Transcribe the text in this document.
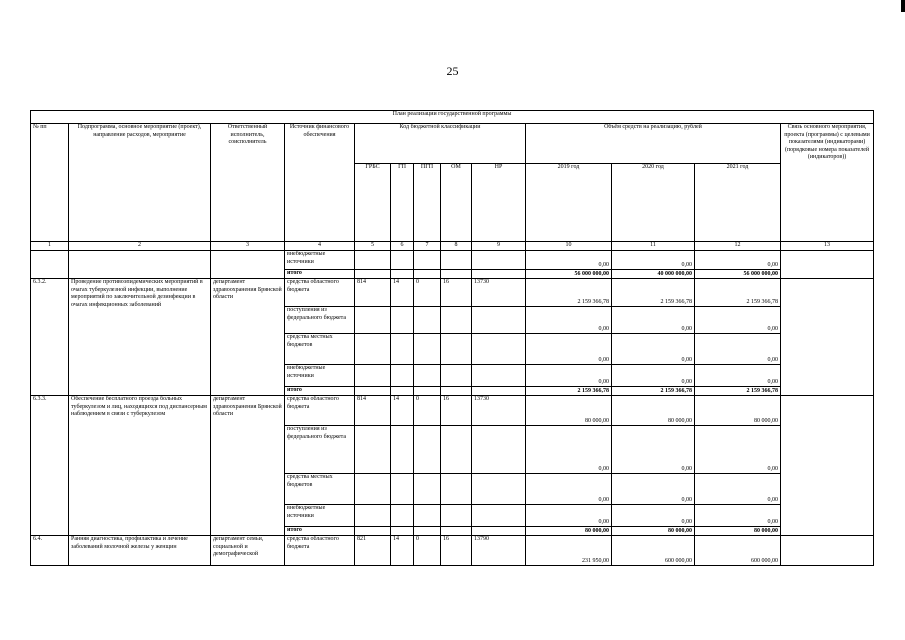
25
План реализации государственной программы												
№ пп	Подпрограмма, основное мероприятие (проект), направление расходов, мероприятие	Ответственный исполнитель, соисполнитель	Источник финансового обеспечения	Код бюджетной классификации					Объём средств на реализацию, рублей			Связь основного мероприятия, проекта (программы) с целевыми показателями (индикаторами) (порядковые номера показателей (индикаторов))
				ГРБС	ГП	ПГП	ОМ	НР	2019 год	2020 год	2021 год	
1	2	3	4	5	6	7	8	9	10	11	12	13
			внебюджетные источники						0,00	0,00	0,00	
			итого						56 000 000,00	40 000 000,00	56 000 000,00	
6.3.2.	Проведение противоэпидемических мероприятий в очагах туберкулезной инфекции, выполнение мероприятий по заключительной дезинфекции в очагах инфекционных заболеваний	департамент здравоохранения Брянской области	средства областного бюджета	814	14	0	16	13730	2 159 366,78	2 159 366,78	2 159 366,78	
			поступления из федерального бюджета						0,00	0,00	0,00	
			средства местных бюджетов						0,00	0,00	0,00	
			внебюджетные источники						0,00	0,00	0,00	
			итого						2 159 366,78	2 159 366,78	2 159 366,78	
6.3.3.	Обеспечение бесплатного проезда больных туберкулезом и лиц, находящихся под диспансерным наблюдением в связи с туберкулезом	департамент здравоохранения Брянской области	средства областного бюджета	814	14	0	16	13730	80 000,00	80 000,00	80 000,00	
			поступления из федерального бюджета						0,00	0,00	0,00	
			средства местных бюджетов						0,00	0,00	0,00	
			внебюджетные источники						0,00	0,00	0,00	
			итого						80 000,00	80 000,00	80 000,00	
6.4.	Ранняя диагностика, профилактика и лечение заболеваний молочной железы у женщин	департамент семьи, социальной и демографической	средства областного бюджета	821	14	0	16	13790	231 950,00	600 000,00	600 000,00	
